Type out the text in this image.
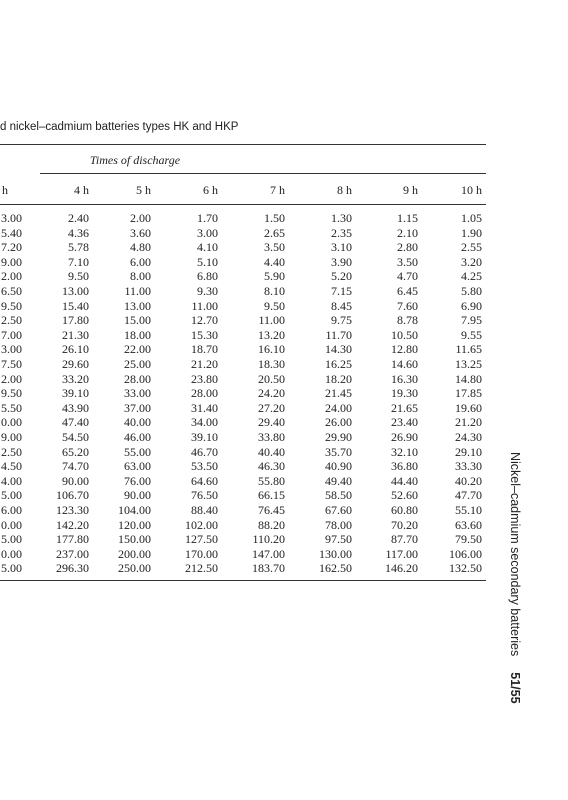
d nickel–cadmium batteries types HK and HKP
Times of discharge
h	4 h	5 h	6 h	7 h	8 h	9 h	10 h
3.00	2.40	2.00	1.70	1.50	1.30	1.15	1.05
5.40	4.36	3.60	3.00	2.65	2.35	2.10	1.90
7.20	5.78	4.80	4.10	3.50	3.10	2.80	2.55
9.00	7.10	6.00	5.10	4.40	3.90	3.50	3.20
2.00	9.50	8.00	6.80	5.90	5.20	4.70	4.25
6.50	13.00	11.00	9.30	8.10	7.15	6.45	5.80
9.50	15.40	13.00	11.00	9.50	8.45	7.60	6.90
2.50	17.80	15.00	12.70	11.00	9.75	8.78	7.95
7.00	21.30	18.00	15.30	13.20	11.70	10.50	9.55
3.00	26.10	22.00	18.70	16.10	14.30	12.80	11.65
7.50	29.60	25.00	21.20	18.30	16.25	14.60	13.25
2.00	33.20	28.00	23.80	20.50	18.20	16.30	14.80
9.50	39.10	33.00	28.00	24.20	21.45	19.30	17.85
5.50	43.90	37.00	31.40	27.20	24.00	21.65	19.60
0.00	47.40	40.00	34.00	29.40	26.00	23.40	21.20
9.00	54.50	46.00	39.10	33.80	29.90	26.90	24.30
2.50	65.20	55.00	46.70	40.40	35.70	32.10	29.10
4.50	74.70	63.00	53.50	46.30	40.90	36.80	33.30
4.00	90.00	76.00	64.60	55.80	49.40	44.40	40.20
5.00	106.70	90.00	76.50	66.15	58.50	52.60	47.70
6.00	123.30	104.00	88.40	76.45	67.60	60.80	55.10
0.00	142.20	120.00	102.00	88.20	78.00	70.20	63.60
5.00	177.80	150.00	127.50	110.20	97.50	87.70	79.50
0.00	237.00	200.00	170.00	147.00	130.00	117.00	106.00
5.00	296.30	250.00	212.50	183.70	162.50	146.20	132.50 Nickel–cadmium secondary batteries51/55
